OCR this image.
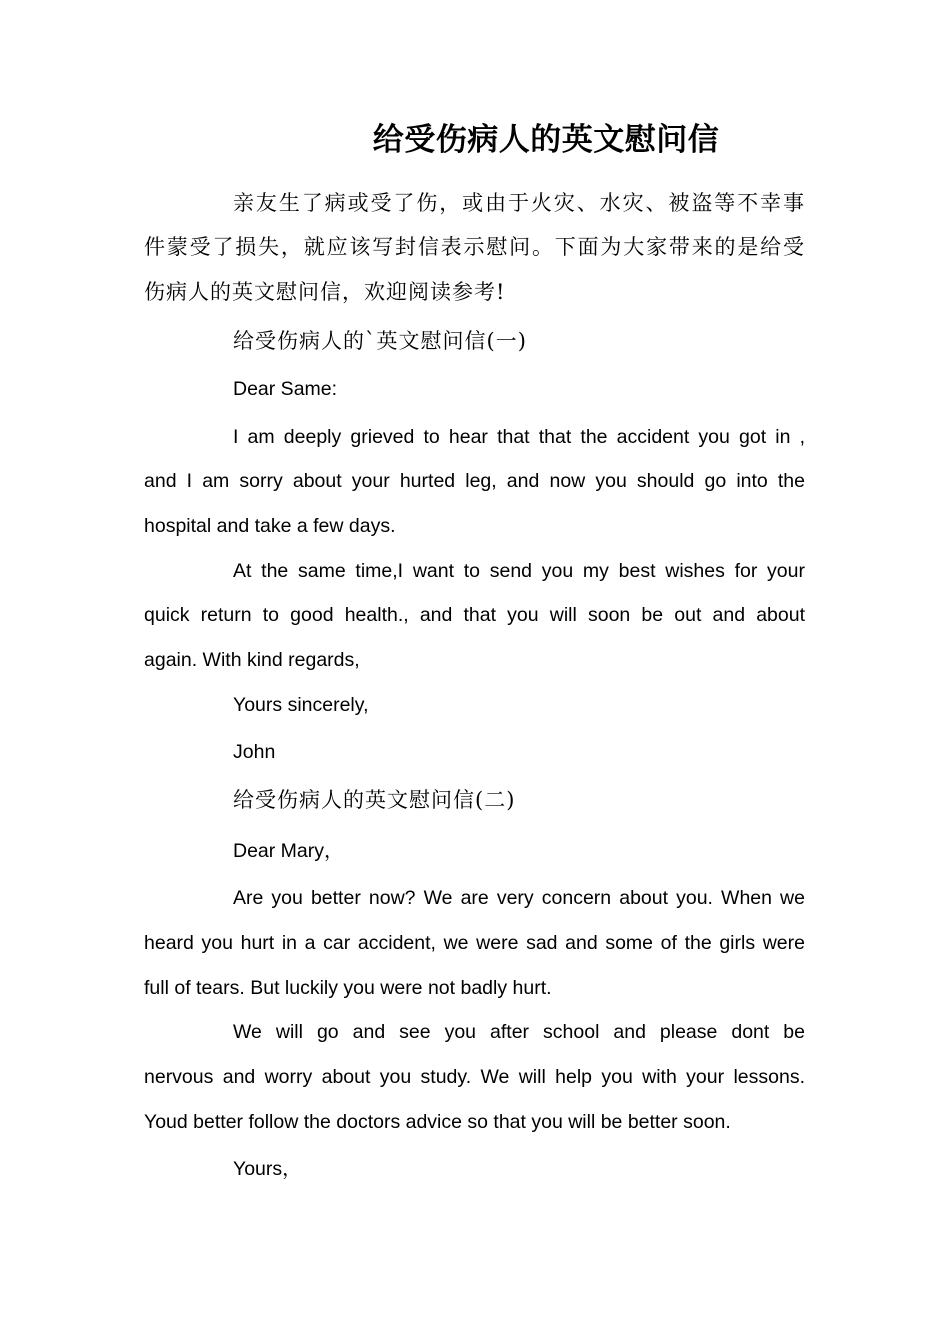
给受伤病人的英文慰问信

亲友生了病或受了伤，或由于火灾、水灾、被盗等不幸事

件蒙受了损失，就应该写封信表示慰问。下面为大家带来的是给受

伤病人的英文慰问信，欢迎阅读参考!

给受伤病人的`英文慰问信(一)

Dear Same:

I am deeply grieved to hear that that the accident you got in ,

and I am sorry about your hurted leg, and now you should go into the

hospital and take a few days.

At the same time,I want to send you my best wishes for your

quick return to good health., and that you will soon be out and about

again. With kind regards,

Yours sincerely,

John

给受伤病人的英文慰问信(二)

Dear Mary，

Are you better now? We are very concern about you. When we

heard you hurt in a car accident, we were sad and some of the girls were

full of tears. But luckily you were not badly hurt.

We will go and see you after school and please dont be

nervous and worry about you study. We will help you with your lessons.

Youd better follow the doctors advice so that you will be better soon.

Yours，
